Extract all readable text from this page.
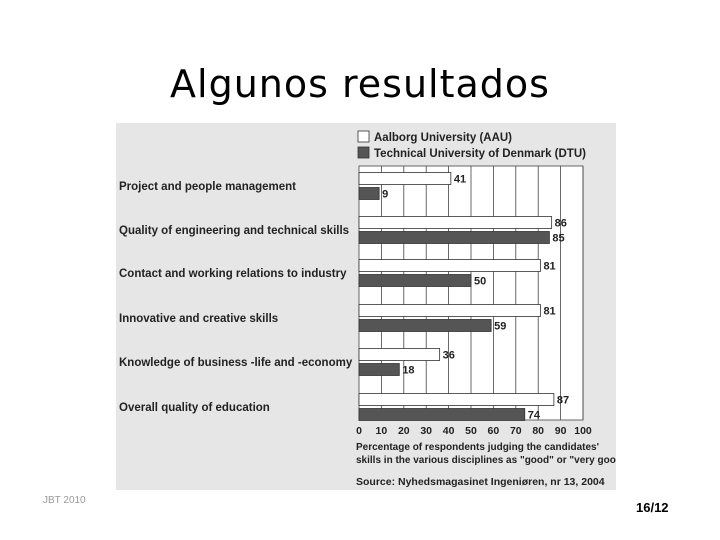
Algunos resultados
Aalborg University (AAU)
Technical University of Denmark (DTU)
Project and people management
41
9
Quality of engineering and technical skills
86
85
Contact and working relations to industry
81
50
Innovative and creative skills
81
59
Knowledge of business -life and -economy
36
18
Overall quality of education
87
74
0 10 20 30 40 50 60 70 80 90 100
Percentage of respondents judging the candidates'
skills in the various disciplines as "good" or "very good"
Source: Nyhedsmagasinet Ingeniøren, nr 13, 2004
JBT 2010	16/12
